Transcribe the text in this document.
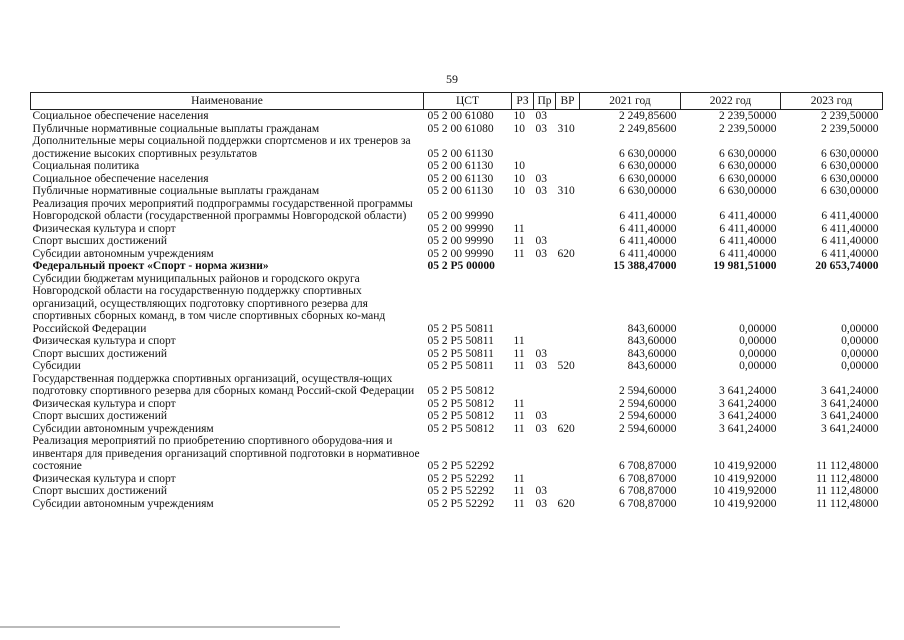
59
Наименование	ЦСТ	РЗ	Пр	ВР	2021 год	2022 год	2023 год
Социальное обеспечение населения	05 2 00 61080	10	03		2 249,85600	2 239,50000	2 239,50000
Публичные нормативные социальные выплаты гражданам	05 2 00 61080	10	03	310	2 249,85600	2 239,50000	2 239,50000
Дополнительные меры социальной поддержки спортсменов и их тренеров за достижение высоких спортивных результатов	05 2 00 61130				6 630,00000	6 630,00000	6 630,00000
Социальная политика	05 2 00 61130	10			6 630,00000	6 630,00000	6 630,00000
Социальное обеспечение населения	05 2 00 61130	10	03		6 630,00000	6 630,00000	6 630,00000
Публичные нормативные социальные выплаты гражданам	05 2 00 61130	10	03	310	6 630,00000	6 630,00000	6 630,00000
Реализация прочих мероприятий подпрограммы государственной программы Новгородской области (государственной программы Новгородской области)	05 2 00 99990				6 411,40000	6 411,40000	6 411,40000
Физическая культура и спорт	05 2 00 99990	11			6 411,40000	6 411,40000	6 411,40000
Спорт высших достижений	05 2 00 99990	11	03		6 411,40000	6 411,40000	6 411,40000
Субсидии автономным учреждениям	05 2 00 99990	11	03	620	6 411,40000	6 411,40000	6 411,40000
Федеральный проект «Спорт - норма жизни»	05 2 P5 00000				15 388,47000	19 981,51000	20 653,74000
Субсидии бюджетам муниципальных районов и городского округа Новгородской области на государственную поддержку спортивных организаций, осуществляющих подготовку спортивного резерва для спортивных сборных команд, в том числе спортивных сборных ко-манд Российской Федерации	05 2 P5 50811				843,60000	0,00000	0,00000
Физическая культура и спорт	05 2 P5 50811	11			843,60000	0,00000	0,00000
Спорт высших достижений	05 2 P5 50811	11	03		843,60000	0,00000	0,00000
Субсидии	05 2 P5 50811	11	03	520	843,60000	0,00000	0,00000
Государственная поддержка спортивных организаций, осуществля-ющих подготовку спортивного резерва для сборных команд Россий-ской Федерации	05 2 P5 50812				2 594,60000	3 641,24000	3 641,24000
Физическая культура и спорт	05 2 P5 50812	11			2 594,60000	3 641,24000	3 641,24000
Спорт высших достижений	05 2 P5 50812	11	03		2 594,60000	3 641,24000	3 641,24000
Субсидии автономным учреждениям	05 2 P5 50812	11	03	620	2 594,60000	3 641,24000	3 641,24000
Реализация мероприятий по приобретению спортивного оборудова-ния и инвентаря для приведения организаций спортивной подготовки в нормативное состояние	05 2 P5 52292				6 708,87000	10 419,92000	11 112,48000
Физическая культура и спорт	05 2 P5 52292	11			6 708,87000	10 419,92000	11 112,48000
Спорт высших достижений	05 2 P5 52292	11	03		6 708,87000	10 419,92000	11 112,48000
Субсидии автономным учреждениям	05 2 P5 52292	11	03	620	6 708,87000	10 419,92000	11 112,48000
